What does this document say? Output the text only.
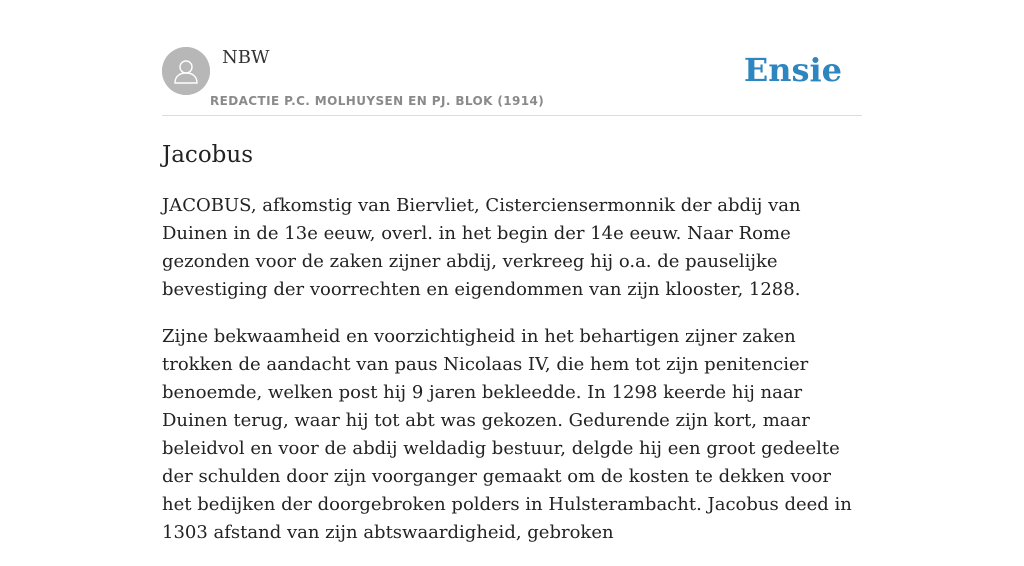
NBW
REDACTIE P.C. MOLHUYSEN EN PJ. BLOK (1914)
Ensie
Jacobus

JACOBUS, afkomstig van Biervliet, Cisterciensermonnik der abdij van Duinen in de 13e eeuw, overl. in het begin der 14e eeuw. Naar Rome gezonden voor de zaken zijner abdij, verkreeg hij o.a. de pauselijke bevestiging der voorrechten en eigendommen van zijn klooster, 1288.

Zijne bekwaamheid en voorzichtigheid in het behartigen zijner zaken trokken de aandacht van paus Nicolaas IV, die hem tot zijn penitencier benoemde, welken post hij 9 jaren bekleedde. In 1298 keerde hij naar Duinen terug, waar hij tot abt was gekozen. Gedurende zijn kort, maar beleidvol en voor de abdij weldadig bestuur, delgde hij een groot gedeelte der schulden door zijn voorganger gemaakt om de kosten te dekken voor het bedijken der doorgebroken polders in Hulsterambacht. Jacobus deed in 1303 afstand van zijn abtswaardigheid, gebroken
